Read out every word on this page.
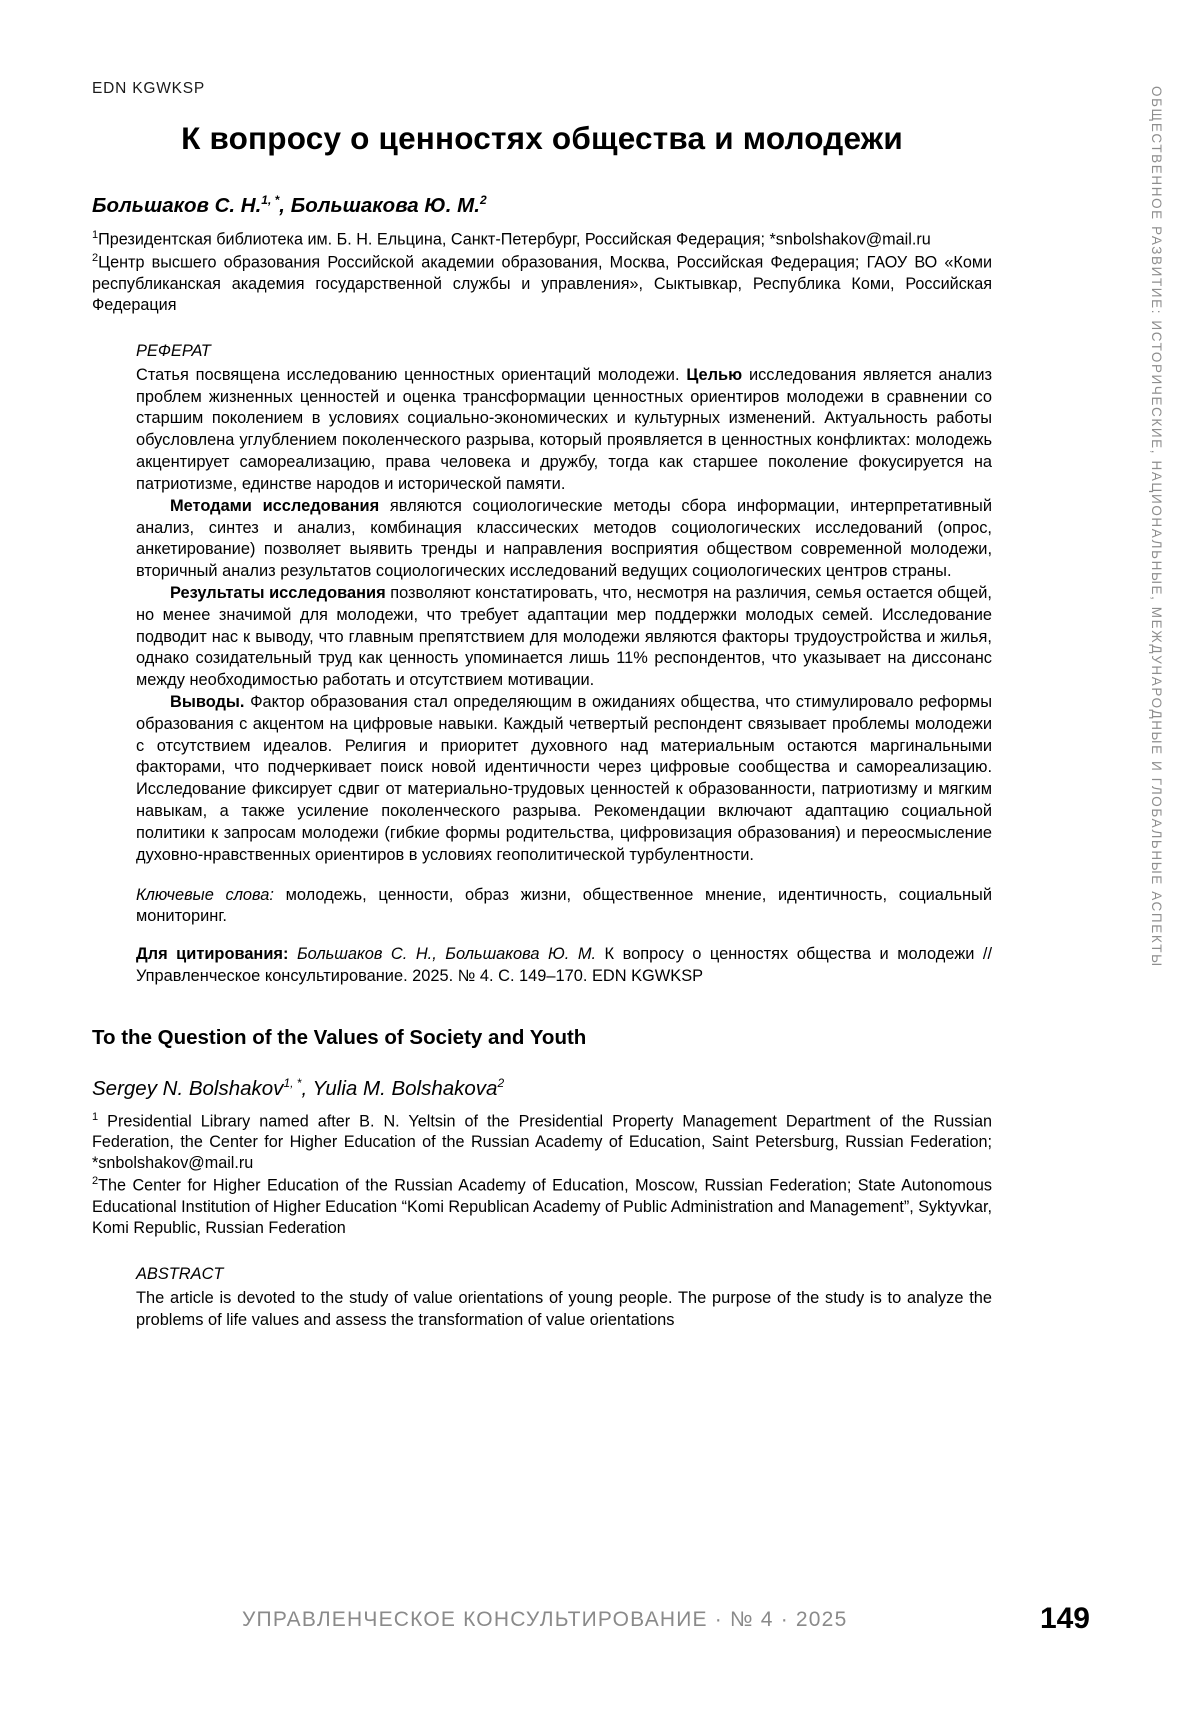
ОБЩЕСТВЕННОЕ РАЗВИТИЕ: ИСТОРИЧЕСКИЕ, НАЦИОНАЛЬНЫЕ, МЕЖДУНАРОДНЫЕ И ГЛОБАЛЬНЫЕ АСПЕКТЫ
EDN KGWKSP
К вопросу о ценностях общества и молодежи
Большаков С. Н.$^{1, *}$, Большакова Ю. М.$^2$
$^1$Президентская библиотека им. Б. Н. Ельцина, Санкт-Петербург, Российская Федерация; *snbolshakov@mail.ru
$^2$Центр высшего образования Российской академии образования, Москва, Российская Федерация; ГАОУ ВО «Коми республиканская академия государственной службы и управления», Сыктывкар, Республика Коми, Российская Федерация
РЕФЕРАТ

Статья посвящена исследованию ценностных ориентаций молодежи. Целью исследования является анализ проблем жизненных ценностей и оценка трансформации ценностных ориентиров молодежи в сравнении со старшим поколением в условиях социально-экономических и культурных изменений. Актуальность работы обусловлена углублением поколенческого разрыва, который проявляется в ценностных конфликтах: молодежь акцентирует самореализацию, права человека и дружбу, тогда как старшее поколение фокусируется на патриотизме, единстве народов и исторической памяти.

Методами исследования являются социологические методы сбора информации, интерпретативный анализ, синтез и анализ, комбинация классических методов социологических исследований (опрос, анкетирование) позволяет выявить тренды и направления восприятия обществом современной молодежи, вторичный анализ результатов социологических исследований ведущих социологических центров страны.

Результаты исследования позволяют констатировать, что, несмотря на различия, семья остается общей, но менее значимой для молодежи, что требует адаптации мер поддержки молодых семей. Исследование подводит нас к выводу, что главным препятствием для молодежи являются факторы трудоустройства и жилья, однако созидательный труд как ценность упоминается лишь 11% респондентов, что указывает на диссонанс между необходимостью работать и отсутствием мотивации.

Выводы. Фактор образования стал определяющим в ожиданиях общества, что стимулировало реформы образования с акцентом на цифровые навыки. Каждый четвертый респондент связывает проблемы молодежи с отсутствием идеалов. Религия и приоритет духовного над материальным остаются маргинальными факторами, что подчеркивает поиск новой идентичности через цифровые сообщества и самореализацию. Исследование фиксирует сдвиг от материально-трудовых ценностей к образованности, патриотизму и мягким навыкам, а также усиление поколенческого разрыва. Рекомендации включают адаптацию социальной политики к запросам молодежи (гибкие формы родительства, цифровизация образования) и переосмысление духовно-нравственных ориентиров в условиях геополитической турбулентности.

Ключевые слова: молодежь, ценности, образ жизни, общественное мнение, идентичность, социальный мониторинг.
Для цитирования: Большаков С. Н., Большакова Ю. М. К вопросу о ценностях общества и молодежи // Управленческое консультирование. 2025. № 4. С. 149–170. EDN KGWKSP
To the Question of the Values of Society and Youth
Sergey N. Bolshakov$^{1, *}$, Yulia M. Bolshakova$^2$
$^1$ Presidential Library named after B. N. Yeltsin of the Presidential Property Management Department of the Russian Federation, the Center for Higher Education of the Russian Academy of Education, Saint Petersburg, Russian Federation; *snbolshakov@mail.ru
$^2$The Center for Higher Education of the Russian Academy of Education, Moscow, Russian Federation; State Autonomous Educational Institution of Higher Education “Komi Republican Academy of Public Administration and Management”, Syktyvkar, Komi Republic, Russian Federation
ABSTRACT

The article is devoted to the study of value orientations of young people. The purpose of the study is to analyze the problems of life values and assess the transformation of value orientations

УПРАВЛЕНЧЕСКОЕ КОНСУЛЬТИРОВАНИЕ · № 4 · 2025	149
